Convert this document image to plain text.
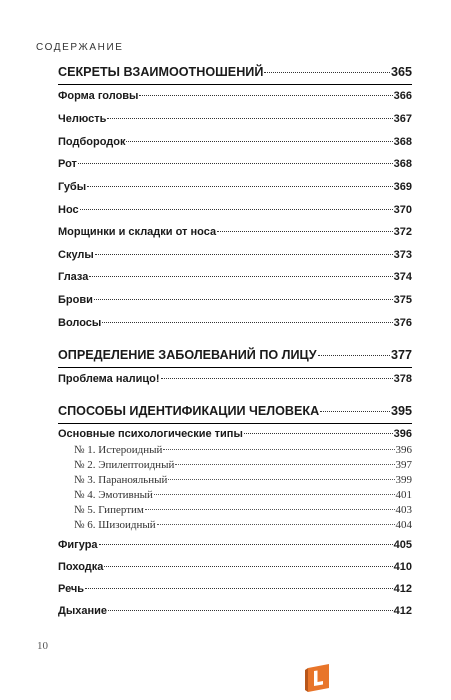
СОДЕРЖАНИЕ
СЕКРЕТЫ ВЗАИМООТНОШЕНИЙ	365
Форма головы	366
Челюсть	367
Подбородок	368
Рот	368
Губы	369
Нос	370
Морщинки и складки от носа	372
Скулы	373
Глаза	374
Брови	375
Волосы	376
ОПРЕДЕЛЕНИЕ ЗАБОЛЕВАНИЙ ПО ЛИЦУ	377
Проблема налицо!	378
СПОСОБЫ ИДЕНТИФИКАЦИИ ЧЕЛОВЕКА	395
Основные психологические типы	396
№ 1. Истероидный	396
№ 2. Эпилептоидный	397
№ 3. Паранояльный	399
№ 4. Эмотивный	401
№ 5. Гипертим	403
№ 6. Шизоидный	404
Фигура	405
Походка	410
Речь	412
Дыхание	412
10
